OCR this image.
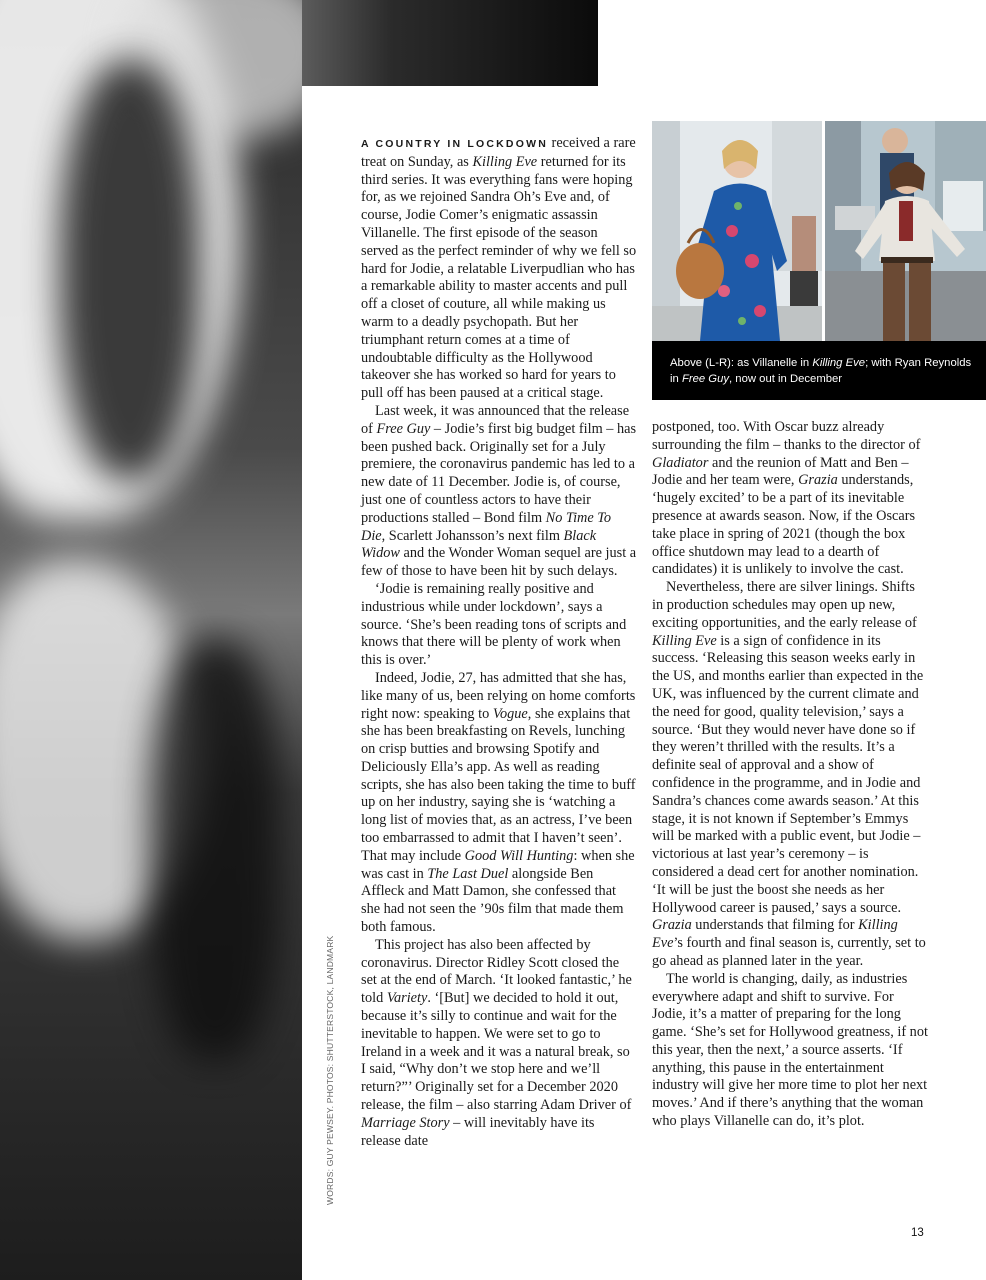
WORDS: GUY PEWSEY. PHOTOS: SHUTTERSTOCK, LANDMARK

A COUNTRY IN LOCKDOWN received a rare treat on Sunday, as Killing Eve returned for its third series. It was everything fans were hoping for, as we rejoined Sandra Oh’s Eve and, of course, Jodie Comer’s enigmatic assassin Villanelle. The first episode of the season served as the perfect reminder of why we fell so hard for Jodie, a relatable Liverpudlian who has a remarkable ability to master accents and pull off a closet of couture, all while making us warm to a deadly psychopath. But her triumphant return comes at a time of undoubtable difficulty as the Hollywood takeover she has worked so hard for years to pull off has been paused at a critical stage.

Last week, it was announced that the release of Free Guy – Jodie’s first big budget film – has been pushed back. Originally set for a July premiere, the coronavirus pandemic has led to a new date of 11 December. Jodie is, of course, just one of countless actors to have their productions stalled – Bond film No Time To Die, Scarlett Johansson’s next film Black Widow and the Wonder Woman sequel are just a few of those to have been hit by such delays.

‘Jodie is remaining really positive and industrious while under lockdown’, says a source. ‘She’s been reading tons of scripts and knows that there will be plenty of work when this is over.’

Indeed, Jodie, 27, has admitted that she has, like many of us, been relying on home comforts right now: speaking to Vogue, she explains that she has been breakfasting on Revels, lunching on crisp butties and browsing Spotify and Deliciously Ella’s app. As well as reading scripts, she has also been taking the time to buff up on her industry, saying she is ‘watching a long list of movies that, as an actress, I’ve been too embarrassed to admit that I haven’t seen’. That may include Good Will Hunting: when she was cast in The Last Duel alongside Ben Affleck and Matt Damon, she confessed that she had not seen the ’90s film that made them both famous.

This project has also been affected by coronavirus. Director Ridley Scott closed the set at the end of March. ‘It looked fantastic,’ he told Variety. ‘[But] we decided to hold it out, because it’s silly to continue and wait for the inevitable to happen. We were set to go to Ireland in a week and it was a natural break, so I said, “Why don’t we stop here and we’ll return?”’ Originally set for a December 2020 release, the film – also starring Adam Driver of Marriage Story – will inevitably have its release date

Above (L-R): as Villanelle in Killing Eve; with Ryan Reynolds in Free Guy, now out in December

postponed, too. With Oscar buzz already surrounding the film – thanks to the director of Gladiator and the reunion of Matt and Ben – Jodie and her team were, Grazia understands, ‘hugely excited’ to be a part of its inevitable presence at awards season. Now, if the Oscars take place in spring of 2021 (though the box office shutdown may lead to a dearth of candidates) it is unlikely to involve the cast.

Nevertheless, there are silver linings. Shifts in production schedules may open up new, exciting opportunities, and the early release of Killing Eve is a sign of confidence in its success. ‘Releasing this season weeks early in the US, and months earlier than expected in the UK, was influenced by the current climate and the need for good, quality television,’ says a source. ‘But they would never have done so if they weren’t thrilled with the results. It’s a definite seal of approval and a show of confidence in the programme, and in Jodie and Sandra’s chances come awards season.’ At this stage, it is not known if September’s Emmys will be marked with a public event, but Jodie – victorious at last year’s ceremony – is considered a dead cert for another nomination. ‘It will be just the boost she needs as her Hollywood career is paused,’ says a source. Grazia understands that filming for Killing Eve’s fourth and final season is, currently, set to go ahead as planned later in the year.

The world is changing, daily, as industries everywhere adapt and shift to survive. For Jodie, it’s a matter of preparing for the long game. ‘She’s set for Hollywood greatness, if not this year, then the next,’ a source asserts. ‘If anything, this pause in the entertainment industry will give her more time to plot her next moves.’ And if there’s anything that the woman who plays Villanelle can do, it’s plot.

13
